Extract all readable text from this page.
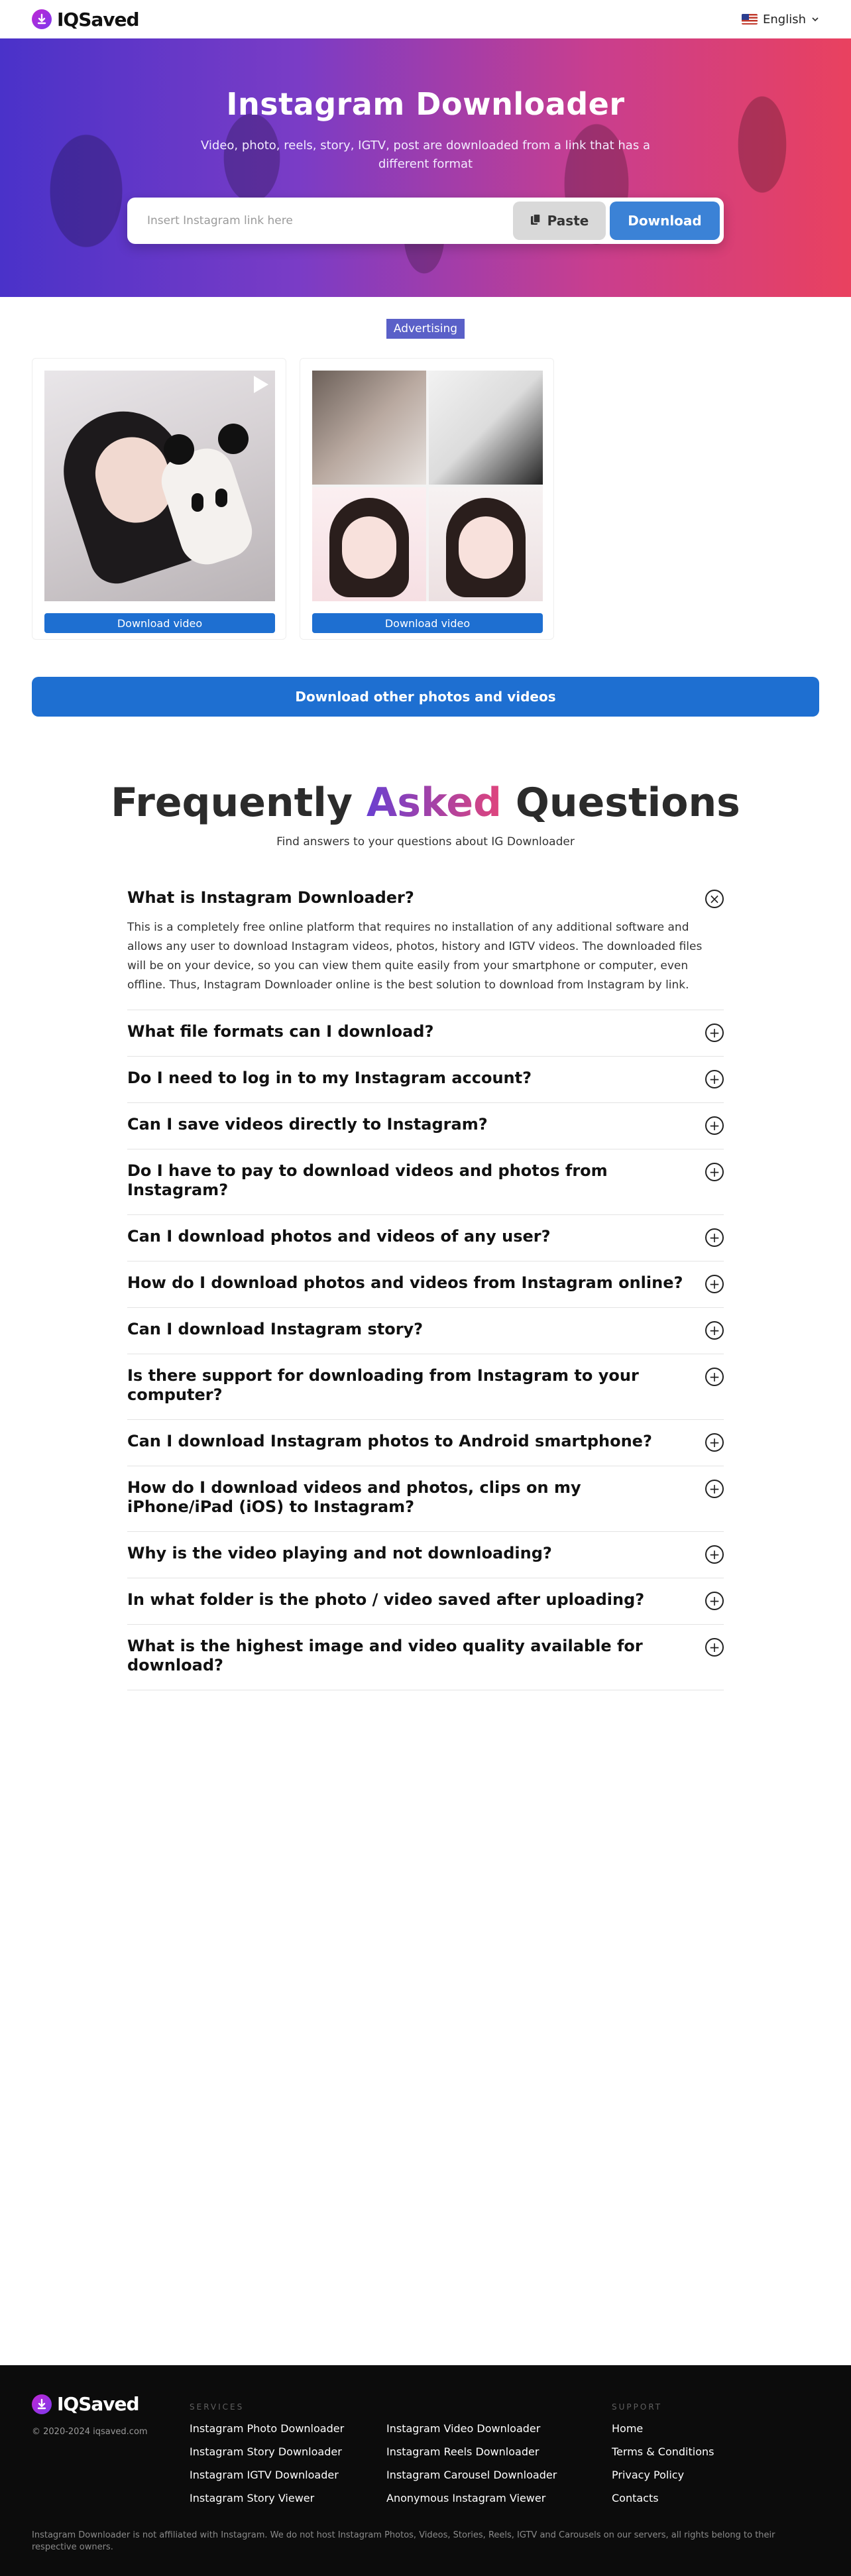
IQSaved	English
Instagram Downloader

Video, photo, reels, story, IGTV, post are downloaded from a link that has a different format

Insert Instagram link here
Paste	Download
Advertising
Download video	Download video
Download other photos and videos
Frequently Asked Questions

Find answers to your questions about IG Downloader

What is Instagram Downloader?	×

This is a completely free online platform that requires no installation of any additional software and allows any user to download Instagram videos, photos, history and IGTV videos. The downloaded files will be on your device, so you can view them quite easily from your smartphone or computer, even offline. Thus, Instagram Downloader online is the best solution to download from Instagram by link.

What file formats can I download?	+
Do I need to log in to my Instagram account?	+
Can I save videos directly to Instagram?	+
Do I have to pay to download videos and photos from Instagram?
+
Can I download photos and videos of any user?	+
How do I download photos and videos from Instagram online?	+
Can I download Instagram story?	+
Is there support for downloading from Instagram to your computer?
+
Can I download Instagram photos to Android smartphone?	+
How do I download videos and photos, clips on my iPhone/iPad (iOS) to Instagram?
+
Why is the video playing and not downloading?	+
In what folder is the photo / video saved after uploading?	+
What is the highest image and video quality available for download?
+
IQSaved
© 2020-2024 iqsaved.com
SERVICES
Instagram Photo Downloader
Instagram Story Downloader
Instagram IGTV Downloader
Instagram Story Viewer
Instagram Video Downloader
Instagram Reels Downloader
Instagram Carousel Downloader
Anonymous Instagram Viewer
SUPPORT
Home
Terms & Conditions
Privacy Policy
Contacts

Instagram Downloader is not affiliated with Instagram. We do not host Instagram Photos, Videos, Stories, Reels, IGTV and Carousels on our servers, all rights belong to their respective owners.
